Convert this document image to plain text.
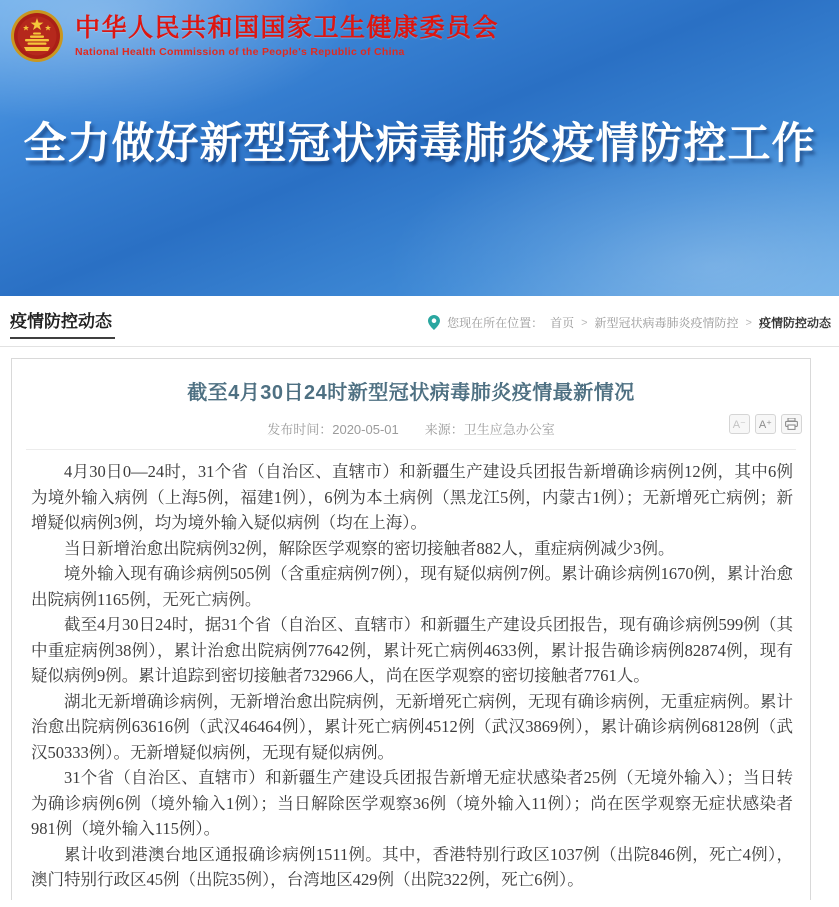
中华人民共和国国家卫生健康委员会
National Health Commission of the People's Republic of China
全力做好新型冠状病毒肺炎疫情防控工作
疫情防控动态	您现在所在位置： 首页 > 新型冠状病毒肺炎疫情防控 > 疫情防控动态
截至4月30日24时新型冠状病毒肺炎疫情最新情况
发布时间：2020-05-01 来源：卫生应急办公室	A⁻	A⁺

4月30日0—24时，31个省（自治区、直辖市）和新疆生产建设兵团报告新增确诊病例12例，其中6例为境外输入病例（上海5例，福建1例），6例为本土病例（黑龙江5例，内蒙古1例）；无新增死亡病例；新增疑似病例3例，均为境外输入疑似病例（均在上海）。

当日新增治愈出院病例32例，解除医学观察的密切接触者882人，重症病例减少3例。

境外输入现有确诊病例505例（含重症病例7例），现有疑似病例7例。累计确诊病例1670例，累计治愈出院病例1165例，无死亡病例。

截至4月30日24时，据31个省（自治区、直辖市）和新疆生产建设兵团报告，现有确诊病例599例（其中重症病例38例），累计治愈出院病例77642例，累计死亡病例4633例，累计报告确诊病例82874例，现有疑似病例9例。累计追踪到密切接触者732966人，尚在医学观察的密切接触者7761人。

湖北无新增确诊病例，无新增治愈出院病例，无新增死亡病例，无现有确诊病例，无重症病例。累计治愈出院病例63616例（武汉46464例），累计死亡病例4512例（武汉3869例），累计确诊病例68128例（武汉50333例）。无新增疑似病例，无现有疑似病例。

31个省（自治区、直辖市）和新疆生产建设兵团报告新增无症状感染者25例（无境外输入）；当日转为确诊病例6例（境外输入1例）；当日解除医学观察36例（境外输入11例）；尚在医学观察无症状感染者981例（境外输入115例）。

累计收到港澳台地区通报确诊病例1511例。其中，香港特别行政区1037例（出院846例，死亡4例），澳门特别行政区45例（出院35例），台湾地区429例（出院322例，死亡6例）。
